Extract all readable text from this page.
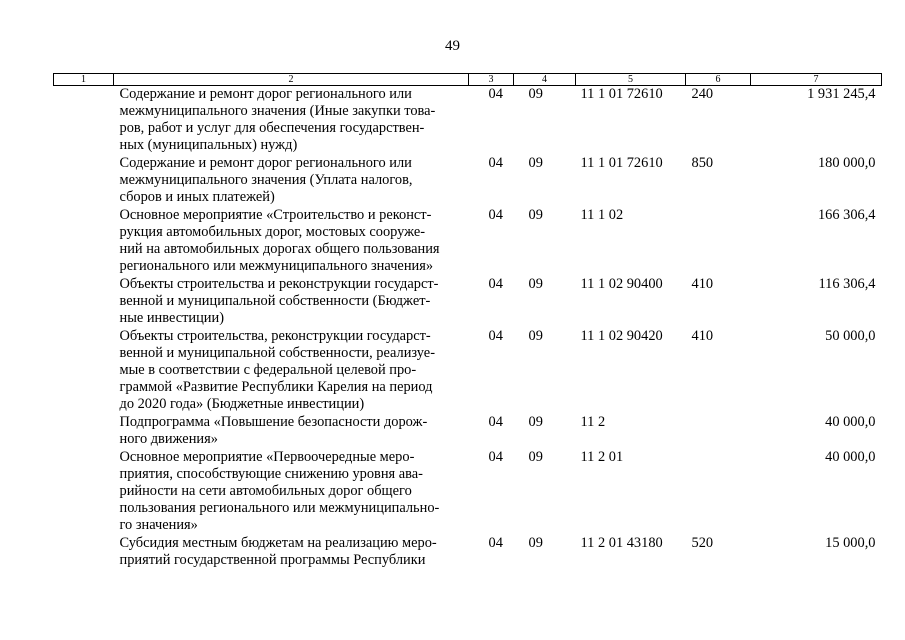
49
1	2	3	4	5	6	7

	Содержание и ремонт дорог регионального или
межмуниципального значения (Иные закупки това-
ров, работ и услуг для обеспечения государствен-
ных (муниципальных) нужд)	04	09	11 1 01 72610	240	1 931 245,4

	Содержание и ремонт дорог регионального или
межмуниципального значения (Уплата налогов,
сборов и иных платежей)	04	09	11 1 01 72610	850	180 000,0

	Основное мероприятие «Строительство и реконст-
рукция автомобильных дорог, мостовых сооруже-
ний на автомобильных дорогах общего пользования
регионального или межмуниципального значения»	04	09	11 1 02		166 306,4

	Объекты строительства и реконструкции государст-
венной и муниципальной собственности (Бюджет-
ные инвестиции)	04	09	11 1 02 90400	410	116 306,4

	Объекты строительства, реконструкции государст-
венной и муниципальной собственности, реализуе-
мые в соответствии с федеральной целевой про-
граммой «Развитие Республики Карелия на период
до 2020 года» (Бюджетные инвестиции)	04	09	11 1 02 90420	410	50 000,0

	Подпрограмма «Повышение безопасности дорож-
ного движения»	04	09	11 2		40 000,0

	Основное мероприятие «Первоочередные меро-
приятия, способствующие снижению уровня ава-
рийности на сети автомобильных дорог общего
пользования регионального или межмуниципально-
го значения»	04	09	11 2 01		40 000,0

	Субсидия местным бюджетам на реализацию меро-
приятий государственной программы Республики	04	09	11 2 01 43180	520	15 000,0
